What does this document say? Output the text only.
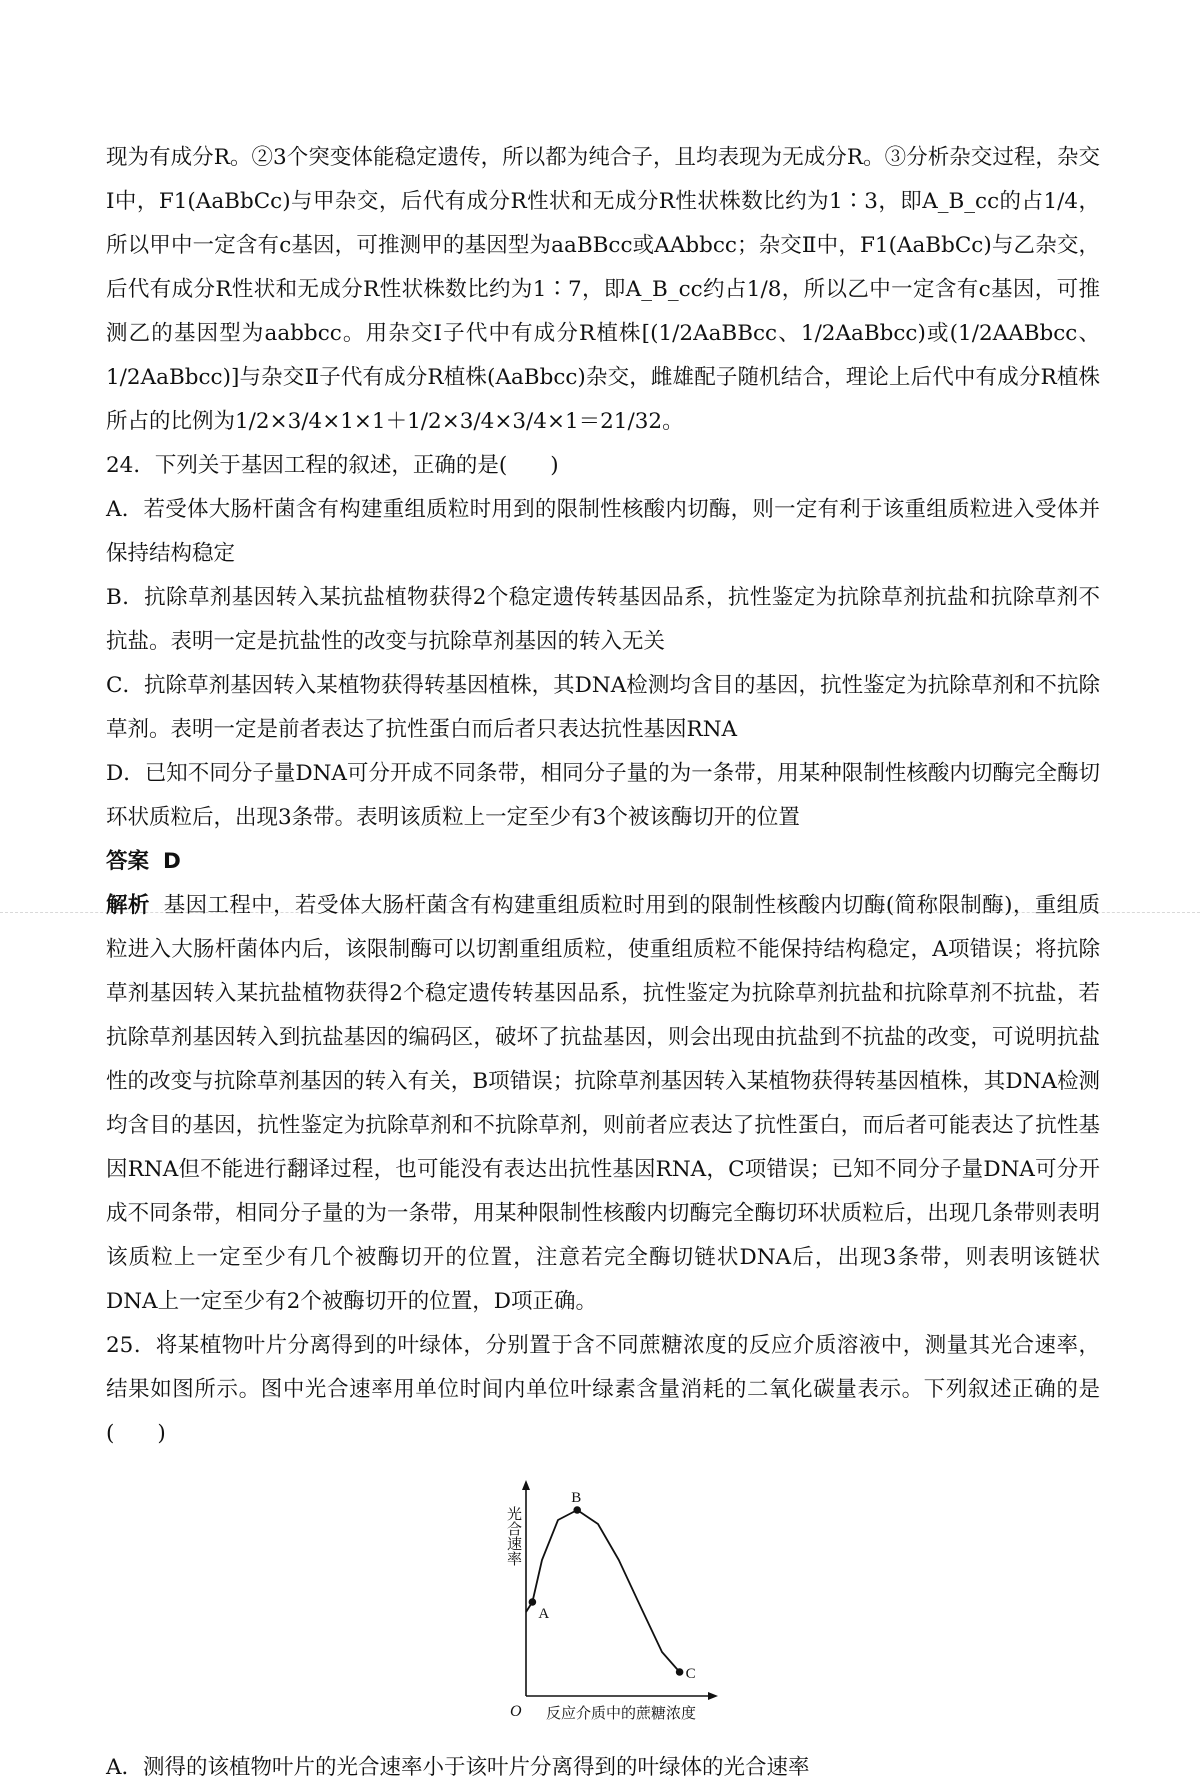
现为有成分R。②3个突变体能稳定遗传，所以都为纯合子，且均表现为无成分R。③分析杂交过程，杂交Ⅰ中，F1(AaBbCc)与甲杂交，后代有成分R性状和无成分R性状株数比约为1∶3，即A_B_cc的占1/4，所以甲中一定含有c基因，可推测甲的基因型为aaBBcc或AAbbcc；杂交Ⅱ中，F1(AaBbCc)与乙杂交，后代有成分R性状和无成分R性状株数比约为1∶7，即A_B_cc约占1/8，所以乙中一定含有c基因，可推测乙的基因型为aabbcc。用杂交Ⅰ子代中有成分R植株[(1/2AaBBcc、1/2AaBbcc)或(1/2AABbcc、1/2AaBbcc)]与杂交Ⅱ子代有成分R植株(AaBbcc)杂交，雌雄配子随机结合，理论上后代中有成分R植株所占的比例为1/2×3/4×1×1＋1/2×3/4×3/4×1＝21/32。

24．下列关于基因工程的叙述，正确的是(　　)

A．若受体大肠杆菌含有构建重组质粒时用到的限制性核酸内切酶，则一定有利于该重组质粒进入受体并保持结构稳定

B．抗除草剂基因转入某抗盐植物获得2个稳定遗传转基因品系，抗性鉴定为抗除草剂抗盐和抗除草剂不抗盐。表明一定是抗盐性的改变与抗除草剂基因的转入无关

C．抗除草剂基因转入某植物获得转基因植株，其DNA检测均含目的基因，抗性鉴定为抗除草剂和不抗除草剂。表明一定是前者表达了抗性蛋白而后者只表达抗性基因RNA

D．已知不同分子量DNA可分开成不同条带，相同分子量的为一条带，用某种限制性核酸内切酶完全酶切环状质粒后，出现3条带。表明该质粒上一定至少有3个被该酶切开的位置

答案 D

解析 基因工程中，若受体大肠杆菌含有构建重组质粒时用到的限制性核酸内切酶(简称限制酶)，重组质粒进入大肠杆菌体内后，该限制酶可以切割重组质粒，使重组质粒不能保持结构稳定，A项错误；将抗除草剂基因转入某抗盐植物获得2个稳定遗传转基因品系，抗性鉴定为抗除草剂抗盐和抗除草剂不抗盐，若抗除草剂基因转入到抗盐基因的编码区，破坏了抗盐基因，则会出现由抗盐到不抗盐的改变，可说明抗盐性的改变与抗除草剂基因的转入有关，B项错误；抗除草剂基因转入某植物获得转基因植株，其DNA检测均含目的基因，抗性鉴定为抗除草剂和不抗除草剂，则前者应表达了抗性蛋白，而后者可能表达了抗性基因RNA但不能进行翻译过程，也可能没有表达出抗性基因RNA，C项错误；已知不同分子量DNA可分开成不同条带，相同分子量的为一条带，用某种限制性核酸内切酶完全酶切环状质粒后，出现几条带则表明该质粒上一定至少有几个被酶切开的位置，注意若完全酶切链状DNA后，出现3条带，则表明该链状DNA上一定至少有2个被酶切开的位置，D项正确。

25．将某植物叶片分离得到的叶绿体，分别置于含不同蔗糖浓度的反应介质溶液中，测量其光合速率，结果如图所示。图中光合速率用单位时间内单位叶绿素含量消耗的二氧化碳量表示。下列叙述正确的是(　　)

O
光合速率
反应介质中的蔗糖浓度
A
B
C

A．测得的该植物叶片的光合速率小于该叶片分离得到的叶绿体的光合速率
